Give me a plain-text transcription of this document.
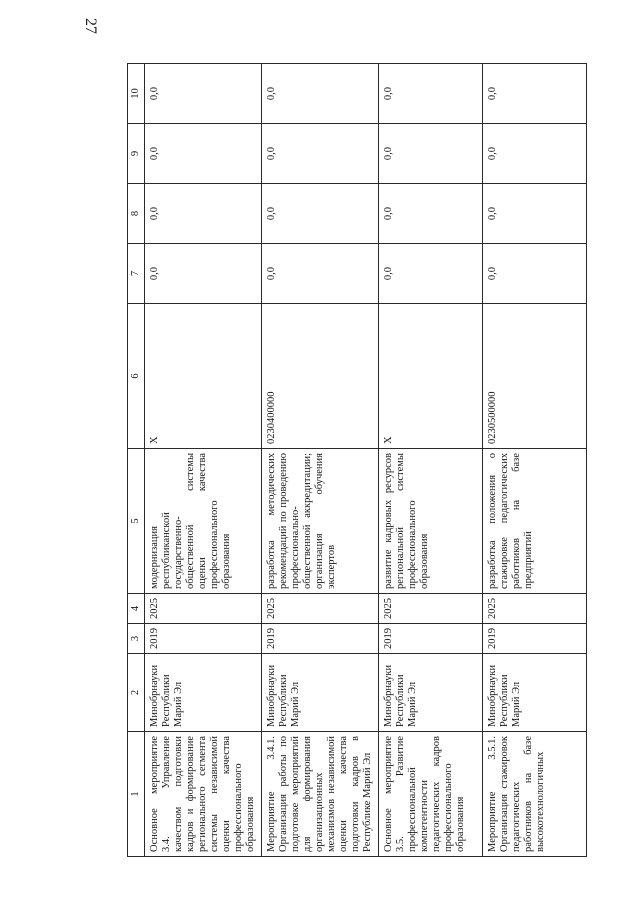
27
1	2	3	4	5	6	7	8	9	10
Основное мероприятие 3.4. Управление качеством подготовки кадров и формирование регионального сегмента системы независимой оценки качества профессионального образования	Минобрнауки Республики Марий Эл	2019	2025	модернизация республиканской государственно-общественной системы оценки качества профессионального образования	X	0,0	0,0	0,0	0,0
Мероприятие 3.4.1. Организация работы по подготовке мероприятий для формирования организационных механизмов независимой оценки качества подготовки кадров в Республике Марий Эл	Минобрнауки Республики Марий Эл	2019	2025	разработка методических рекомендаций по проведению профессионально-общественной аккредитации; организация обучения экспертов	0230400000	0,0	0,0	0,0	0,0
Основное мероприятие 3.5. Развитие профессиональной компетентности педагогических кадров профессионального образования	Минобрнауки Республики Марий Эл	2019	2025	развитие кадровых ресурсов региональной системы профессионального образования	X	0,0	0,0	0,0	0,0
Мероприятие 3.5.1. Организация стажировок педагогических работников на базе высокотехнологичных	Минобрнауки Республики Марий Эл	2019	2025	разработка положения о стажировке педагогических работников на базе предприятий	0230500000	0,0	0,0	0,0	0,0
